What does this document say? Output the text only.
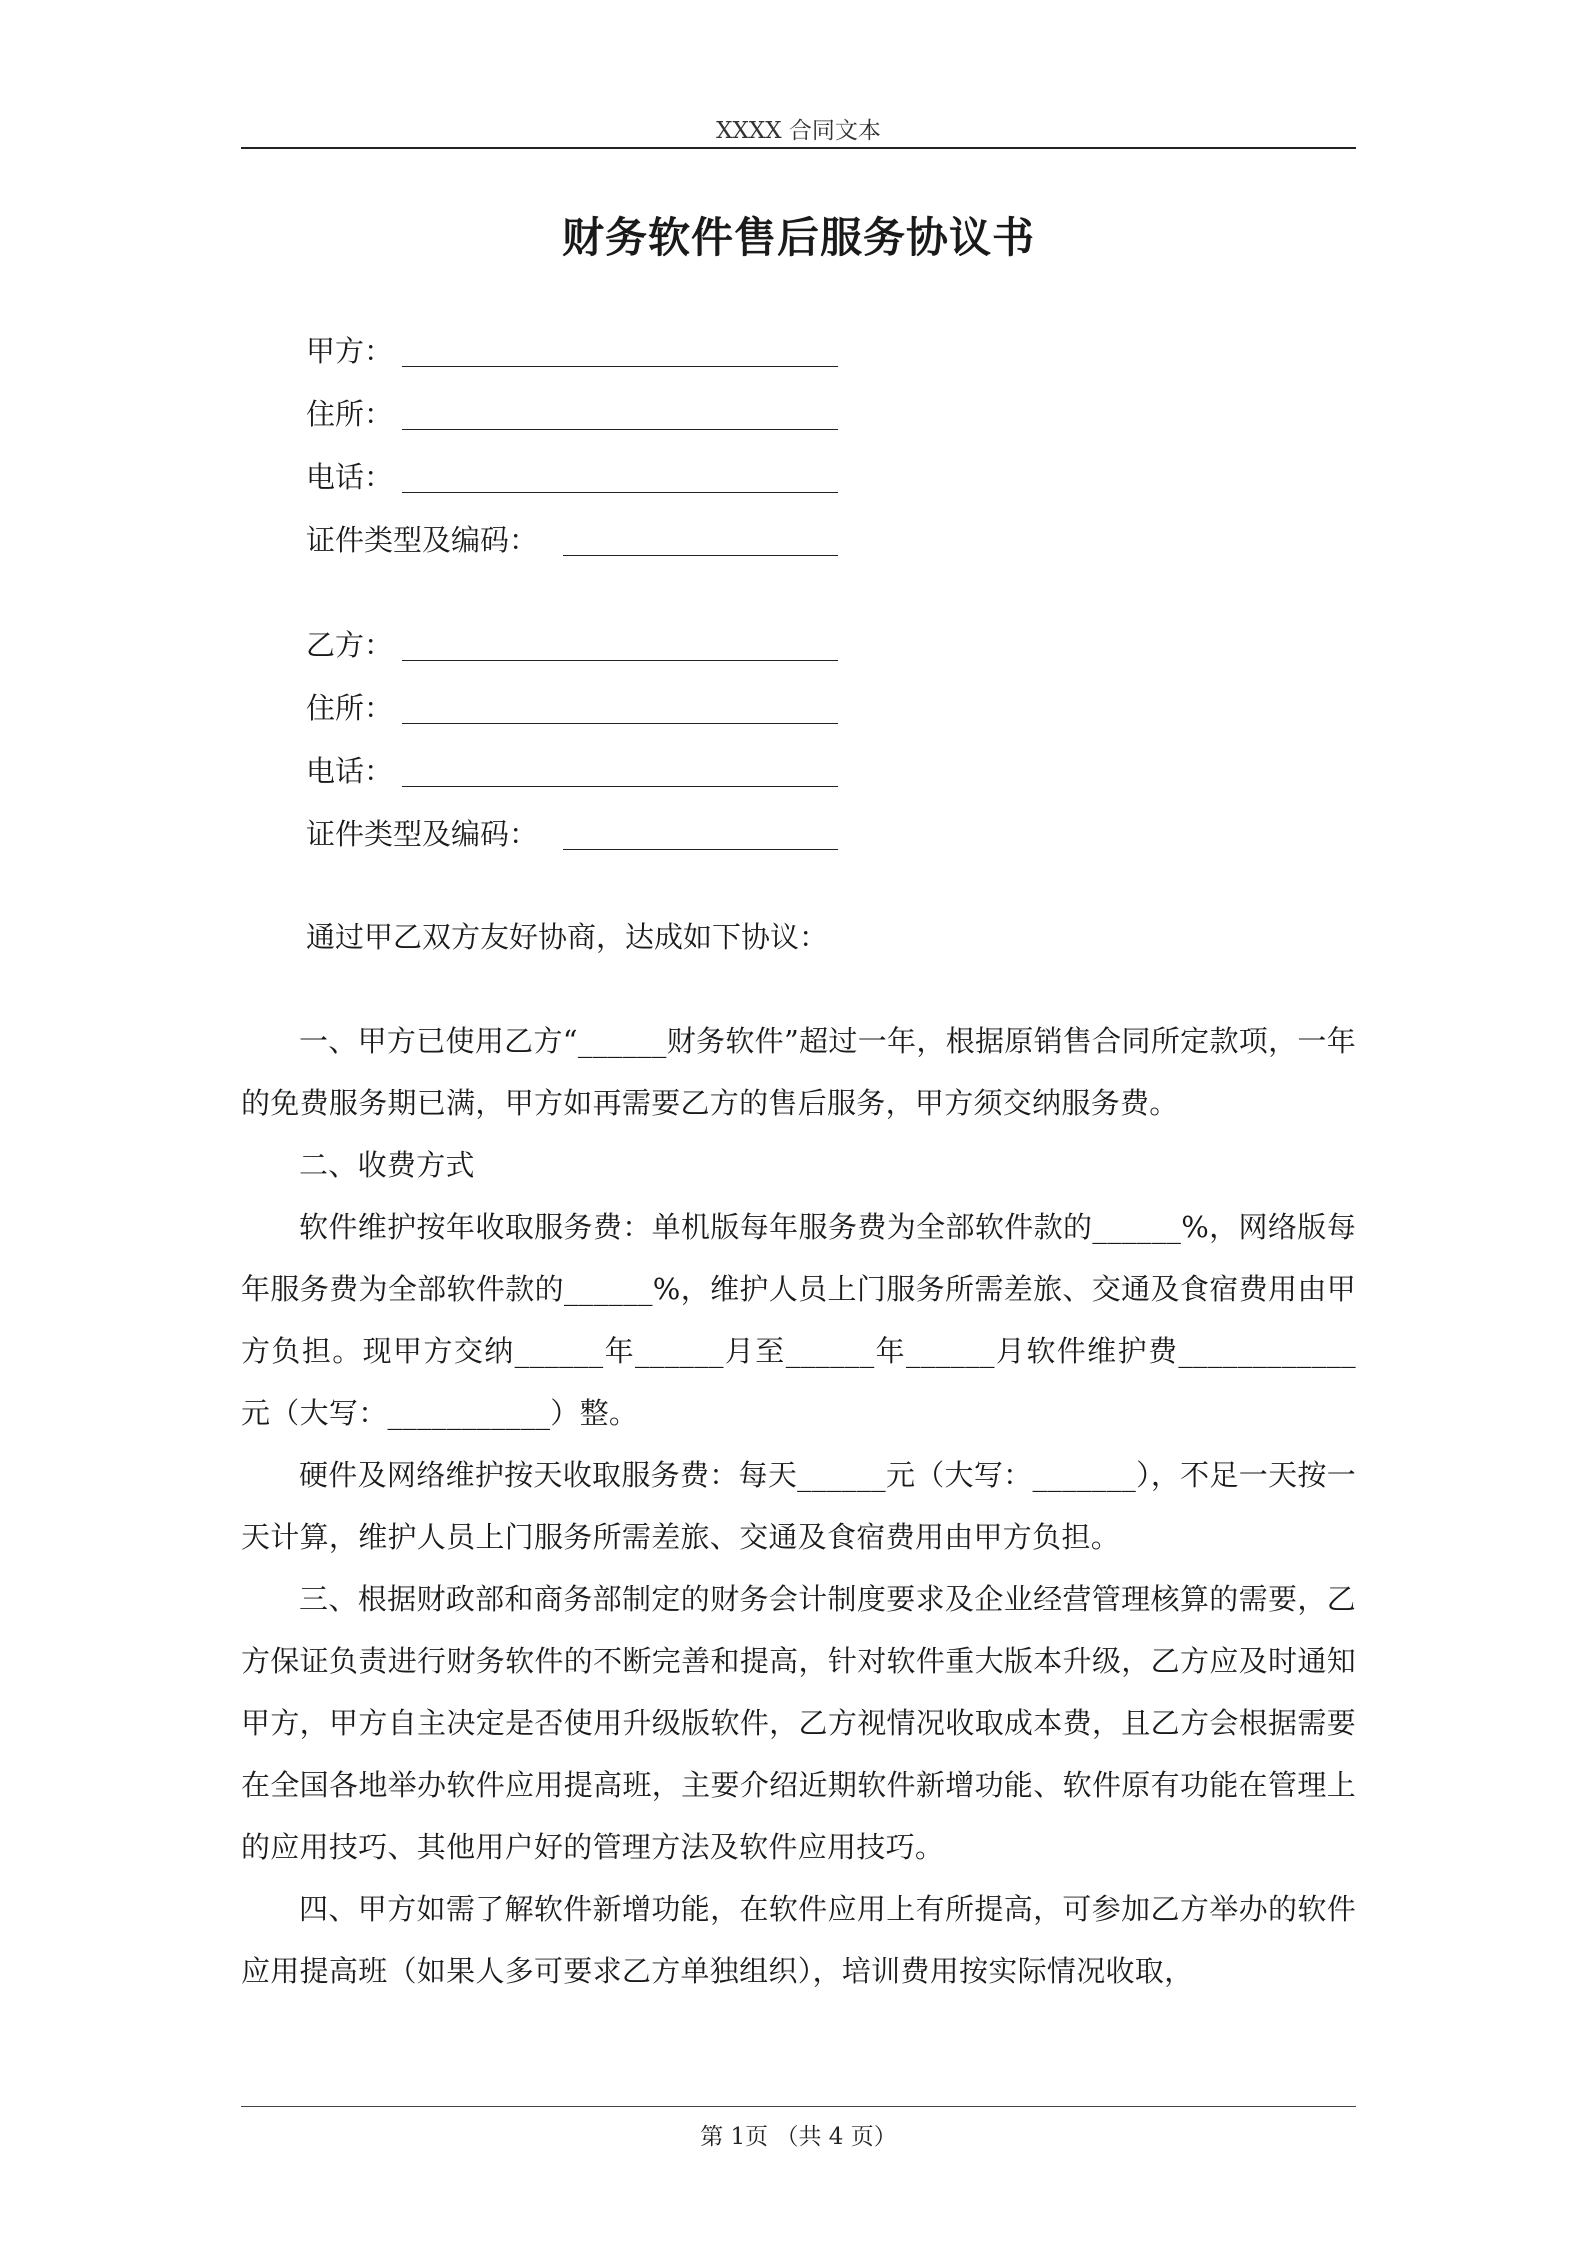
XXXX 合同文本
财务软件售后服务协议书
甲方：
住所：
电话：
证件类型及编码：
乙方：
住所：
电话：
证件类型及编码：
通过甲乙双方友好协商，达成如下协议：

一、甲方已使用乙方“______财务软件”超过一年，根据原销售合同所定款项，一年的免费服务期已满，甲方如再需要乙方的售后服务，甲方须交纳服务费。

二、收费方式

软件维护按年收取服务费：单机版每年服务费为全部软件款的______%，网络版每年服务费为全部软件款的______%，维护人员上门服务所需差旅、交通及食宿费用由甲方负担。现甲方交纳______年______月至______年______月软件维护费____________元（大写：___________）整。

硬件及网络维护按天收取服务费：每天______元（大写：_______），不足一天按一天计算，维护人员上门服务所需差旅、交通及食宿费用由甲方负担。

三、根据财政部和商务部制定的财务会计制度要求及企业经营管理核算的需要，乙方保证负责进行财务软件的不断完善和提高，针对软件重大版本升级，乙方应及时通知甲方，甲方自主决定是否使用升级版软件，乙方视情况收取成本费，且乙方会根据需要在全国各地举办软件应用提高班，主要介绍近期软件新增功能、软件原有功能在管理上的应用技巧、其他用户好的管理方法及软件应用技巧。

四、甲方如需了解软件新增功能，在软件应用上有所提高，可参加乙方举办的软件应用提高班（如果人多可要求乙方单独组织），培训费用按实际情况收取，

第 1页 （共 4 页）
